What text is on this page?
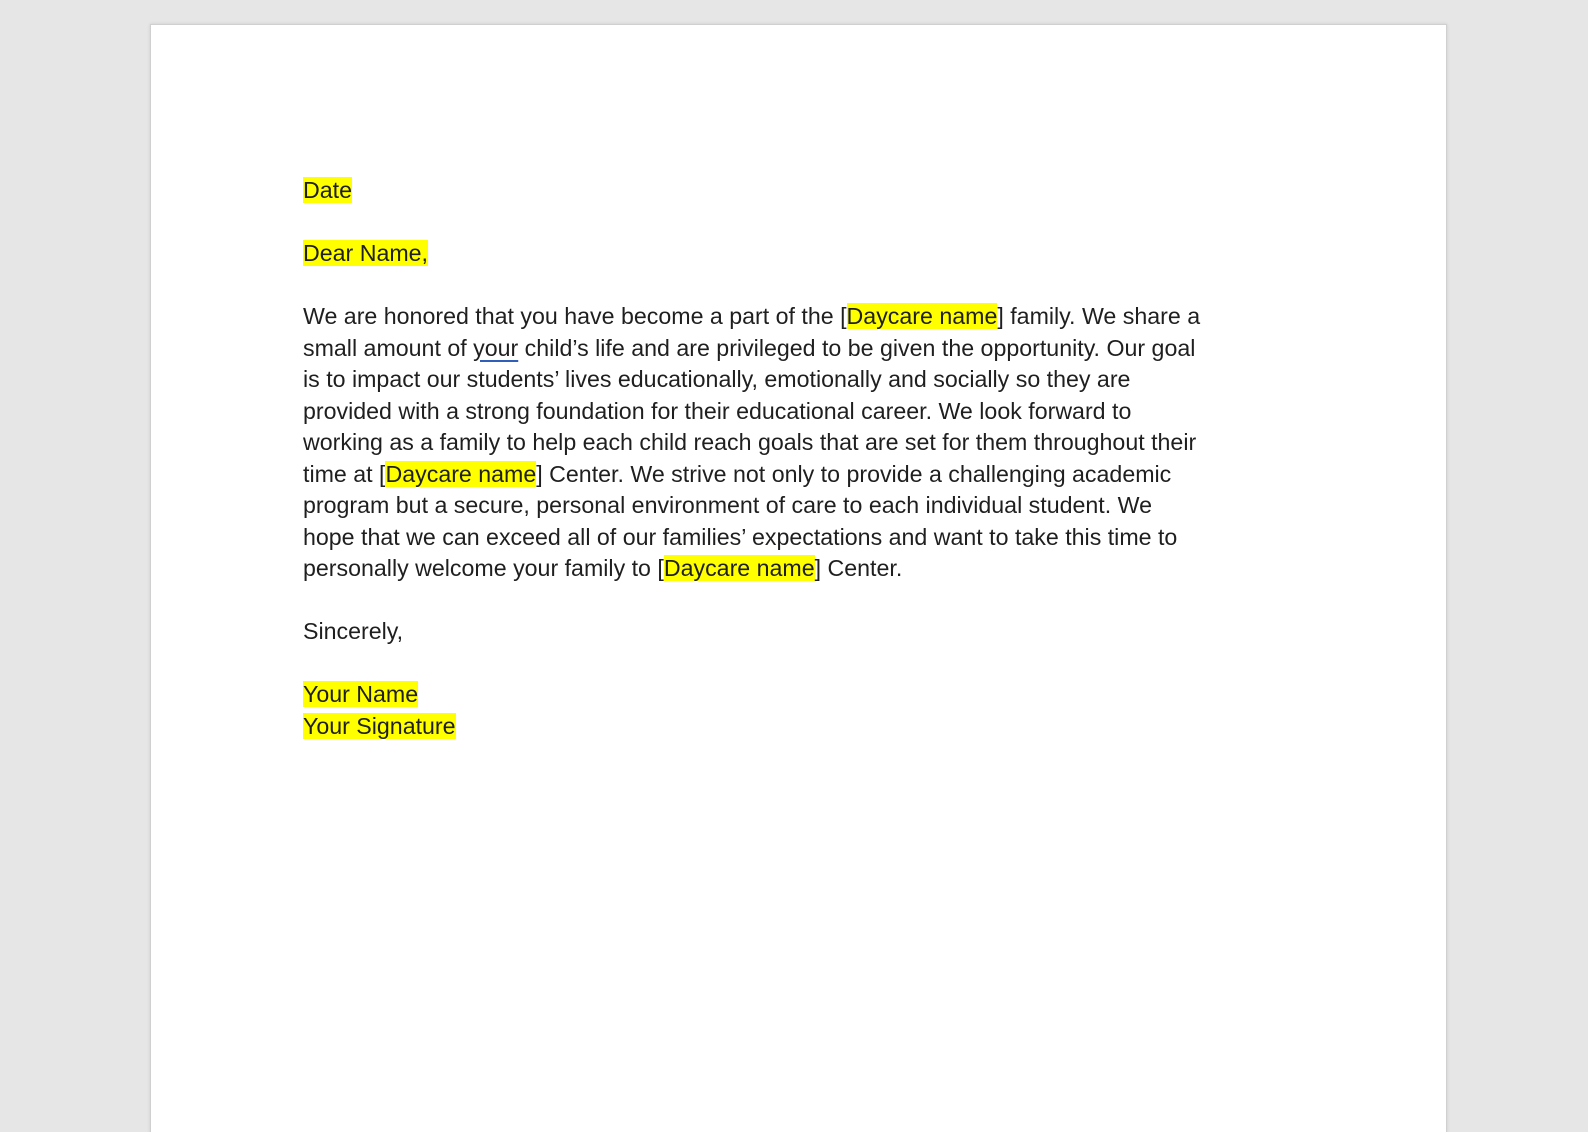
Date

Dear Name,

We are honored that you have become a part of the [Daycare name] family. We share a
small amount of your child’s life and are privileged to be given the opportunity. Our goal
is to impact our students’ lives educationally, emotionally and socially so they are
provided with a strong foundation for their educational career. We look forward to
working as a family to help each child reach goals that are set for them throughout their
time at [Daycare name] Center. We strive not only to provide a challenging academic
program but a secure, personal environment of care to each individual student. We
hope that we can exceed all of our families’ expectations and want to take this time to
personally welcome your family to [Daycare name] Center.

Sincerely,

Your Name

Your Signature
